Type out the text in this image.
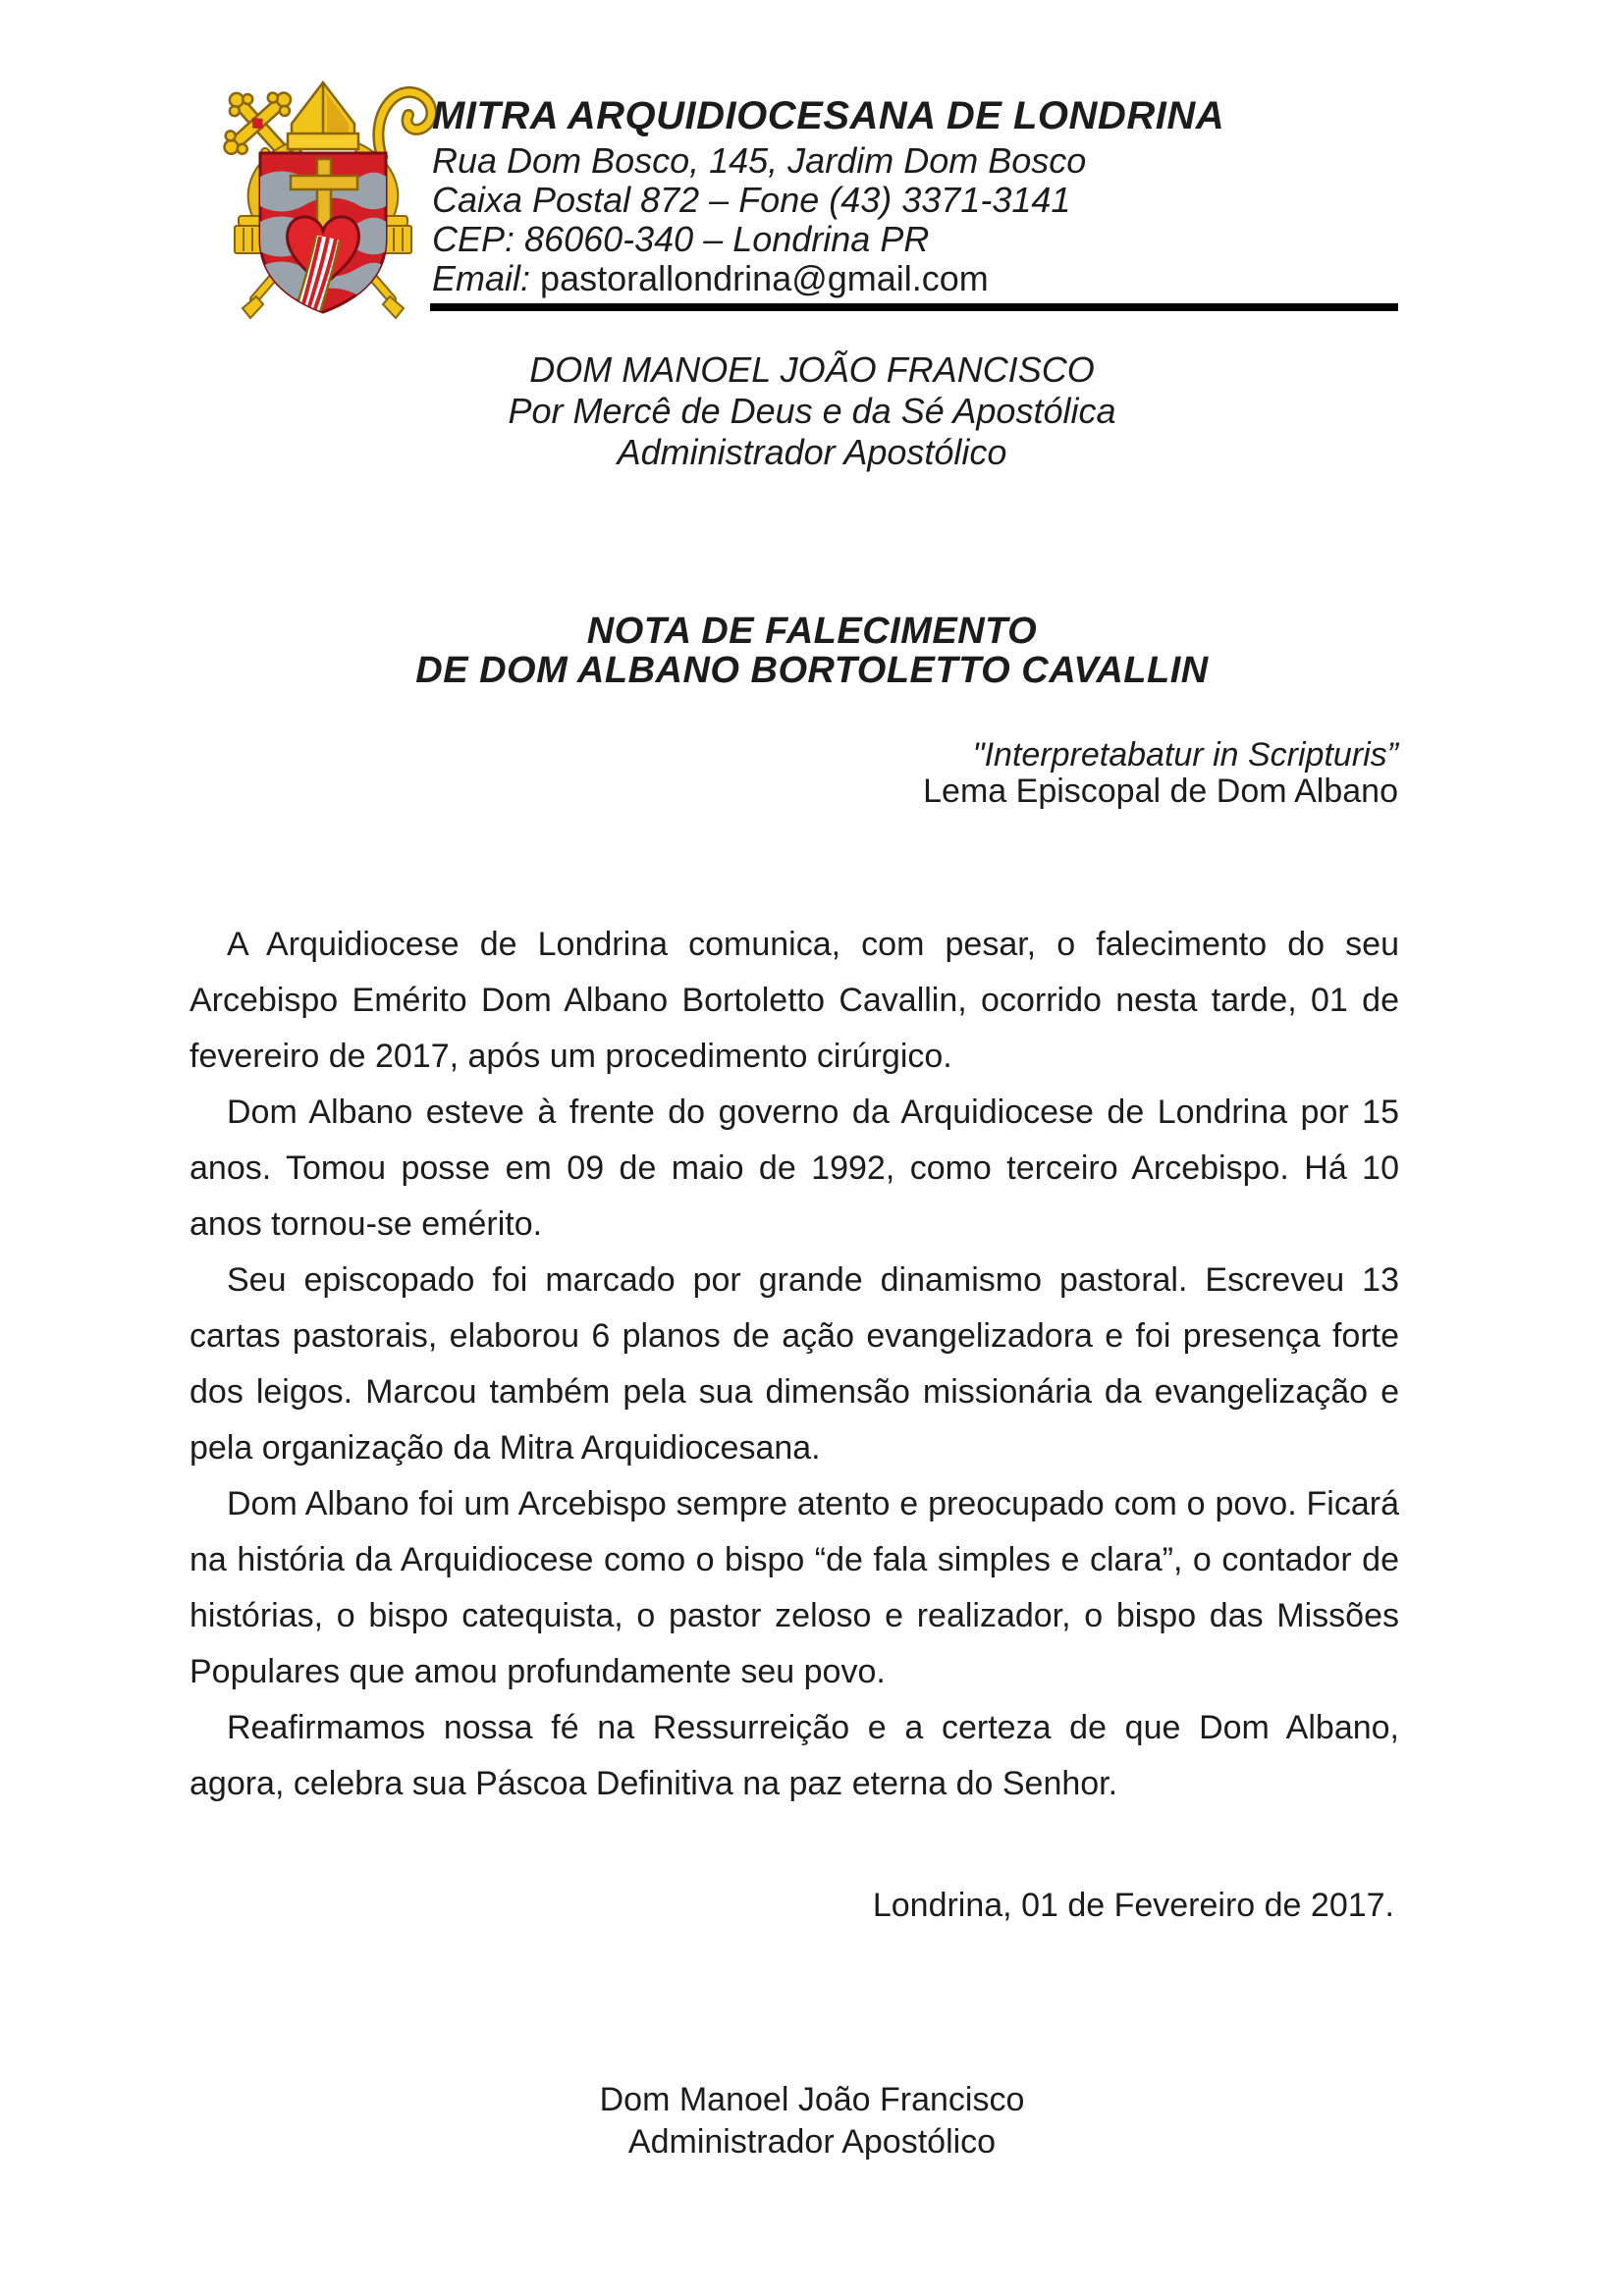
MITRA ARQUIDIOCESANA DE LONDRINA
Rua Dom Bosco, 145, Jardim Dom Bosco
Caixa Postal 872 – Fone (43) 3371-3141
CEP: 86060-340 – Londrina PR
Email: pastorallondrina@gmail.com
DOM MANOEL JOÃO FRANCISCO
Por Mercê de Deus e da Sé Apostólica
Administrador Apostólico
NOTA DE FALECIMENTO
DE DOM ALBANO BORTOLETTO CAVALLIN
"Interpretabatur in Scripturis”
Lema Episcopal de Dom Albano

A Arquidiocese de Londrina comunica, com pesar, o falecimento do seu Arcebispo Emérito Dom Albano Bortoletto Cavallin, ocorrido nesta tarde, 01 de fevereiro de 2017, após um procedimento cirúrgico.

Dom Albano esteve à frente do governo da Arquidiocese de Londrina por 15 anos. Tomou posse em 09 de maio de 1992, como terceiro Arcebispo. Há 10 anos tornou-se emérito.

Seu episcopado foi marcado por grande dinamismo pastoral. Escreveu 13 cartas pastorais, elaborou 6 planos de ação evangelizadora e foi presença forte dos leigos. Marcou também pela sua dimensão missionária da evangelização e pela organização da Mitra Arquidiocesana.

Dom Albano foi um Arcebispo sempre atento e preocupado com o povo. Ficará na história da Arquidiocese como o bispo “de fala simples e clara”, o contador de histórias, o bispo catequista, o pastor zeloso e realizador, o bispo das Missões Populares que amou profundamente seu povo.

Reafirmamos nossa fé na Ressurreição e a certeza de que Dom Albano, agora, celebra sua Páscoa Definitiva na paz eterna do Senhor.

Londrina, 01 de Fevereiro de 2017.
Dom Manoel João Francisco
Administrador Apostólico
